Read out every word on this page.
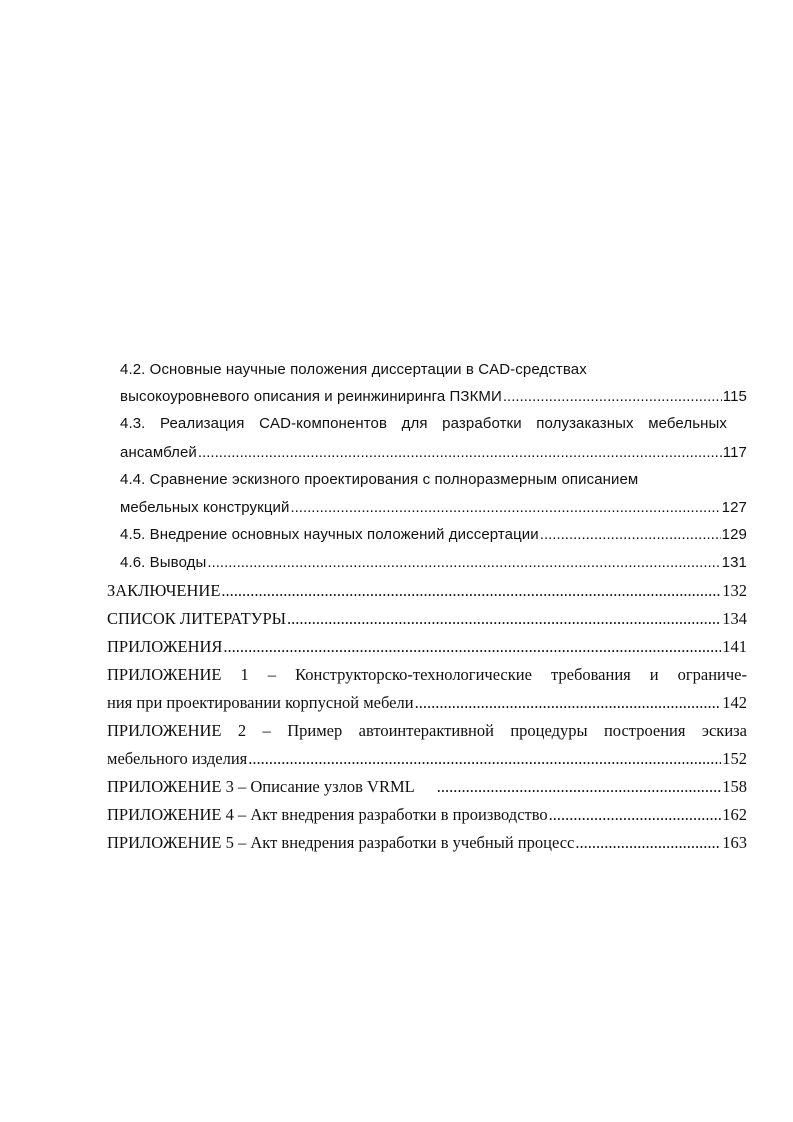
4.2. Основные научные положения диссертации в CAD-средствах
высокоуровневого описания и реинжиниринга ПЗКМИ .....	115
4.3. Реализация CAD-компонентов для разработки полузаказных мебельных
ансамблей .....	117
4.4. Сравнение эскизного проектирования с полноразмерным описанием
мебельных конструкций .....	127
4.5. Внедрение основных научных положений диссертации .....	129
4.6. Выводы .....	131
ЗАКЛЮЧЕНИЕ .....	132
СПИСОК ЛИТЕРАТУРЫ .....	134
ПРИЛОЖЕНИЯ .....	141
ПРИЛОЖЕНИЕ 1 – Конструкторско-технологические требования и ограниче-
ния при проектировании корпусной мебели .....	142
ПРИЛОЖЕНИЕ 2 – Пример автоинтерактивной процедуры построения эскиза
мебельного изделия .....	152
ПРИЛОЖЕНИЕ 3 – Описание узлов VRML .....	158
ПРИЛОЖЕНИЕ 4 – Акт внедрения разработки в производство .....	162
ПРИЛОЖЕНИЕ 5 – Акт внедрения разработки в учебный процесс .....	163
